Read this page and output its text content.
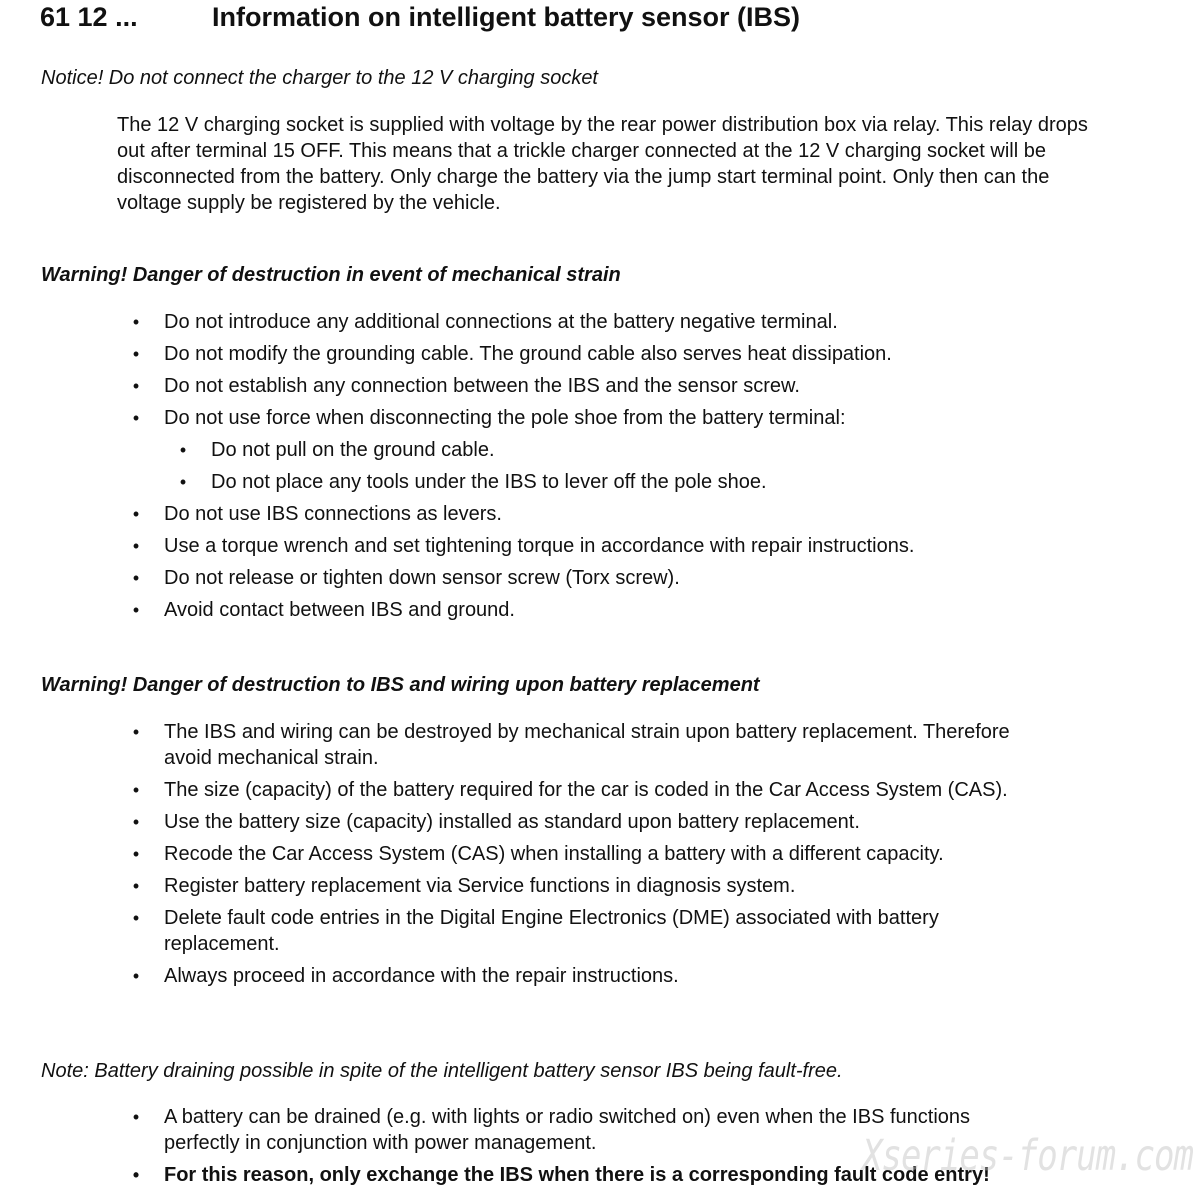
61 12 ...	Information on intelligent battery sensor (IBS)
Notice! Do not connect the charger to the 12 V charging socket
The 12 V charging socket is supplied with voltage by the rear power distribution box via relay. This relay drops out after terminal 15 OFF. This means that a trickle charger connected at the 12 V charging socket will be disconnected from the battery. Only charge the battery via the jump start terminal point. Only then can the voltage supply be registered by the vehicle.
Warning! Danger of destruction in event of mechanical strain
• Do not introduce any additional connections at the battery negative terminal.
• Do not modify the grounding cable. The ground cable also serves heat dissipation.
• Do not establish any connection between the IBS and the sensor screw.
• Do not use force when disconnecting the pole shoe from the battery terminal:
• Do not pull on the ground cable.
• Do not place any tools under the IBS to lever off the pole shoe.
• Do not use IBS connections as levers.
• Use a torque wrench and set tightening torque in accordance with repair instructions.
• Do not release or tighten down sensor screw (Torx screw).
• Avoid contact between IBS and ground.
Warning! Danger of destruction to IBS and wiring upon battery replacement
• The IBS and wiring can be destroyed by mechanical strain upon battery replacement. Therefore avoid mechanical strain.
• The size (capacity) of the battery required for the car is coded in the Car Access System (CAS).
• Use the battery size (capacity) installed as standard upon battery replacement.
• Recode the Car Access System (CAS) when installing a battery with a different capacity.
• Register battery replacement via Service functions in diagnosis system.
• Delete fault code entries in the Digital Engine Electronics (DME) associated with battery replacement.
• Always proceed in accordance with the repair instructions.
Note: Battery draining possible in spite of the intelligent battery sensor IBS being fault-free.
• A battery can be drained (e.g. with lights or radio switched on) even when the IBS functions perfectly in conjunction with power management.
• For this reason, only exchange the IBS when there is a corresponding fault code entry!
Xseries-forum.com
